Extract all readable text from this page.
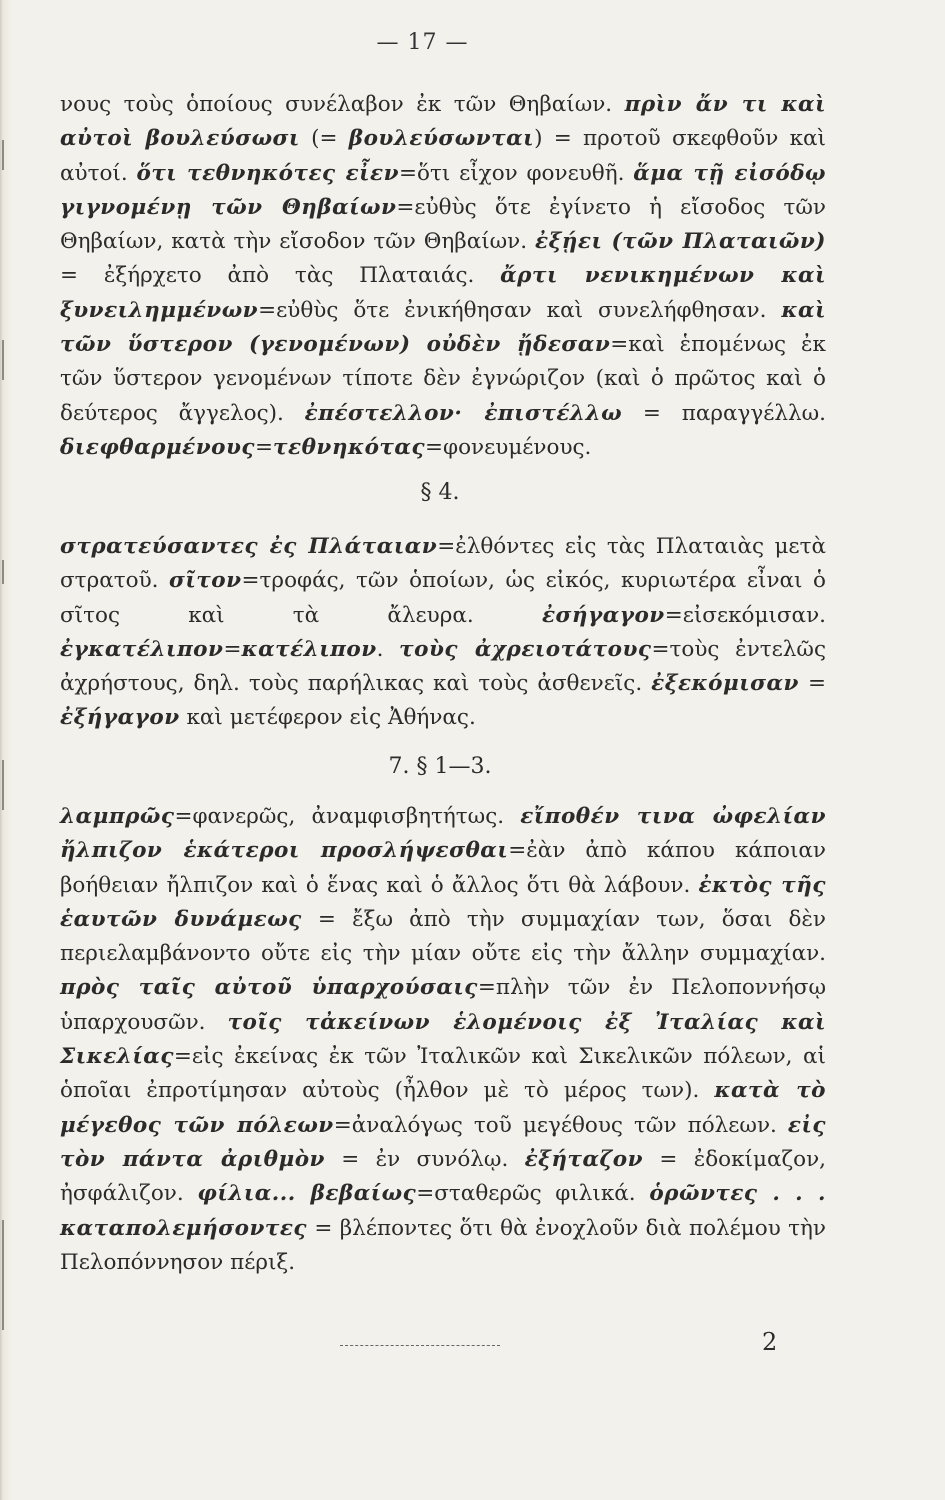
— 17 —

νους τοὺς ὁποίους συνέλαβον ἐκ τῶν Θηβαίων. πρὶν ἄν τι καὶ αὐτοὶ βουλεύσωσι (= βουλεύσωνται) = προτοῦ σκεφθοῦν καὶ αὐτοί. ὅτι τεθνηκότες εἶεν=ὅτι εἶχον φονευθῆ. ἅμα τῇ εἰσόδῳ γιγνομένῃ τῶν Θηβαίων=εὐθὺς ὅτε ἐγίνετο ἡ εἴσοδος τῶν Θηβαίων, κατὰ τὴν εἴσοδον τῶν Θηβαίων. ἐξῄει (τῶν Πλαταιῶν) = ἐξήρχετο ἀπὸ τὰς Πλαταιάς. ἄρτι νενικημένων καὶ ξυνειλημμένων=εὐθὺς ὅτε ἐνικήθησαν καὶ συνελήφθησαν. καὶ τῶν ὕστερον (γενομένων) οὐδὲν ᾔδεσαν=καὶ ἑπομένως ἐκ τῶν ὕστερον γενομένων τίποτε δὲν ἐγνώριζον (καὶ ὁ πρῶτος καὶ ὁ δεύτερος ἄγγελος). ἐπέστελλον· ἐπιστέλλω = παραγγέλλω. διεφθαρμένους=τεθνηκότας=φονευμένους.

§ 4.

στρατεύσαντες ἐς Πλάταιαν=ἐλθόντες εἰς τὰς Πλαταιὰς μετὰ στρατοῦ. σῖτον=τροφάς, τῶν ὁποίων, ὡς εἰκός, κυριωτέρα εἶναι ὁ σῖτος καὶ τὰ ἄλευρα. ἐσήγαγον=εἰσεκόμισαν. ἐγκατέλιπον=κατέλιπον. τοὺς ἀχρειοτάτους=τοὺς ἐντελῶς ἀχρήστους, δηλ. τοὺς παρήλικας καὶ τοὺς ἀσθενεῖς. ἐξεκόμισαν = ἐξήγαγον καὶ μετέφερον εἰς Ἀθήνας.

7. § 1—3.

λαμπρῶς=φανερῶς, ἀναμφισβητήτως. εἴποθέν τινα ὠφελίαν ἤλπιζον ἑκάτεροι προσλήψεσθαι=ἐὰν ἀπὸ κάπου κάποιαν βοήθειαν ἤλπιζον καὶ ὁ ἕνας καὶ ὁ ἄλλος ὅτι θὰ λάβουν. ἐκτὸς τῆς ἑαυτῶν δυνάμεως = ἔξω ἀπὸ τὴν συμμαχίαν των, ὅσαι δὲν περιελαμβάνοντο οὔτε εἰς τὴν μίαν οὔτε εἰς τὴν ἄλλην συμμαχίαν. πρὸς ταῖς αὐτοῦ ὑπαρχούσαις=πλὴν τῶν ἐν Πελοποννήσῳ ὑπαρχουσῶν. τοῖς τἀκείνων ἑλομένοις ἐξ Ἰταλίας καὶ Σικελίας=εἰς ἐκείνας ἐκ τῶν Ἰταλικῶν καὶ Σικελικῶν πόλεων, αἱ ὁποῖαι ἐπροτίμησαν αὐτοὺς (ἦλθον μὲ τὸ μέρος των). κατὰ τὸ μέγεθος τῶν πόλεων=ἀναλόγως τοῦ μεγέθους τῶν πόλεων. εἰς τὸν πάντα ἀριθμὸν = ἐν συνόλῳ. ἐξήταζον = ἐδοκίμαζον, ἠσφάλιζον. φίλια... βεβαίως=σταθερῶς φιλικά. ὁρῶντες . . . καταπολεμήσοντες = βλέποντες ὅτι θὰ ἐνοχλοῦν διὰ πολέμου τὴν Πελοπόννησον πέριξ.

2
